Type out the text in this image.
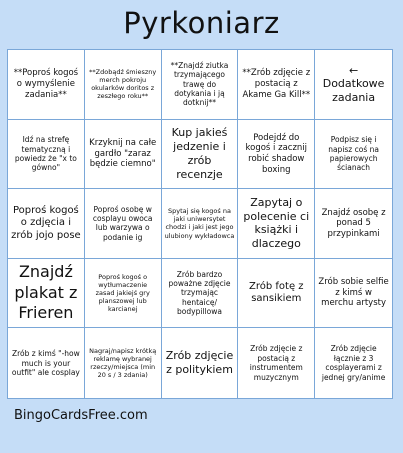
Pyrkoniarz
**Poproś kogoś o wymyślenie zadania**
**Zdobądź śmieszny merch pokroju okularków doritos z zeszłego roku**
**Znajdź ziutka trzymającego trawę do dotykania i ją dotknij**
**Zrób zdjęcie z postacią z Akame Ga Kill**
← Dodatkowe zadania
Idź na strefę tematyczną i powiedz że "x to gówno"
Krzyknij na całe gardło "zaraz będzie ciemno"
Kup jakieś jedzenie i zrób recenzje
Podejdź do kogoś i zacznij robić shadow boxing
Podpisz się i napisz coś na papierowych ścianach
Poproś kogoś o zdjęcia i zrób jojo pose
Poproś osobę w cosplayu owoca lub warzywa o podanie ig
Spytaj się kogoś na jaki uniwersytet chodzi i jaki jest jego ulubiony wykładowca
Zapytaj o polecenie ci książki i dlaczego
Znajdź osobę z ponad 5 przypinkami
Znajdź plakat z Frieren
Poproś kogoś o wytłumaczenie zasad jakiejś gry planszowej lub karcianej
Zrób bardzo poważne zdjęcie trzymając hentaicę/ bodypillowa
Zrób fotę z sansikiem
Zrób sobie selfie z kimś w merchu artysty
Zrób z kimś "-how much is your outfit" ale cosplay
Nagraj/napisz krótką reklamę wybranej rzeczy/miejsca (min 20 s / 3 zdania)
Zrób zdjęcie z politykiem
Zrób zdjęcie z postacią z instrumentem muzycznym
Zrób zdjęcie łącznie z 3 cosplayerami z jednej gry/anime
BingoCardsFree.com
